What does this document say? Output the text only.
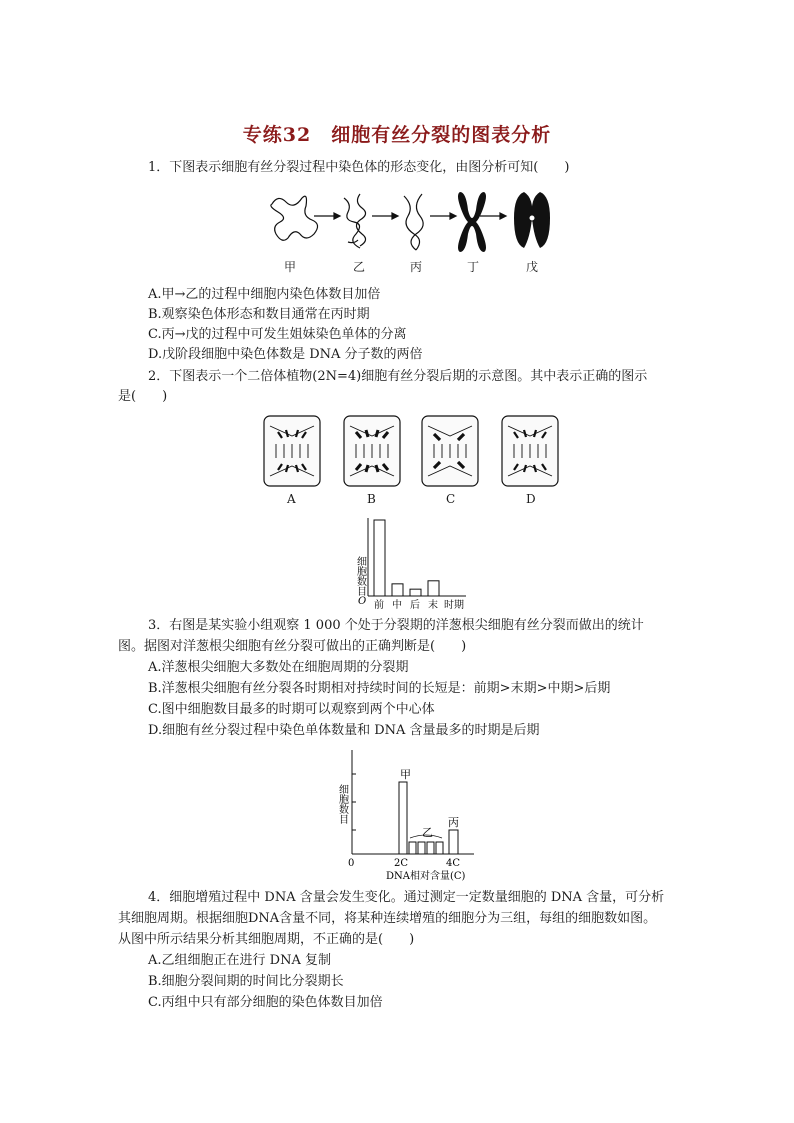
专练32　细胞有丝分裂的图表分析
1．下图表示细胞有丝分裂过程中染色体的形态变化，由图分析可知(　　)
甲	乙	丙	丁	戊
A.甲→乙的过程中细胞内染色体数目加倍
B.观察染色体形态和数目通常在丙时期
C.丙→戊的过程中可发生姐妹染色单体的分离
D.戊阶段细胞中染色体数是 DNA 分子数的两倍
2．下图表示一个二倍体植物(2N=4)细胞有丝分裂后期的示意图。其中表示正确的图示
是(　　)
A	B	C	D
细胞数目
O 前 中 后 末 时期
3．右图是某实验小组观察 1 000 个处于分裂期的洋葱根尖细胞有丝分裂而做出的统计
图。据图对洋葱根尖细胞有丝分裂可做出的正确判断是(　　)
A.洋葱根尖细胞大多数处在细胞周期的分裂期
B.洋葱根尖细胞有丝分裂各时期相对持续时间的长短是：前期>末期>中期>后期
C.图中细胞数目最多的时期可以观察到两个中心体
D.细胞有丝分裂过程中染色单体数量和 DNA 含量最多的时期是后期
细胞数目
甲
乙
丙
0	2C	4C
DNA相对含量(C)
4．细胞增殖过程中 DNA 含量会发生变化。通过测定一定数量细胞的 DNA 含量，可分析
其细胞周期。根据细胞DNA含量不同，将某种连续增殖的细胞分为三组，每组的细胞数如图。
从图中所示结果分析其细胞周期，不正确的是(　　)
A.乙组细胞正在进行 DNA 复制
B.细胞分裂间期的时间比分裂期长
C.丙组中只有部分细胞的染色体数目加倍
